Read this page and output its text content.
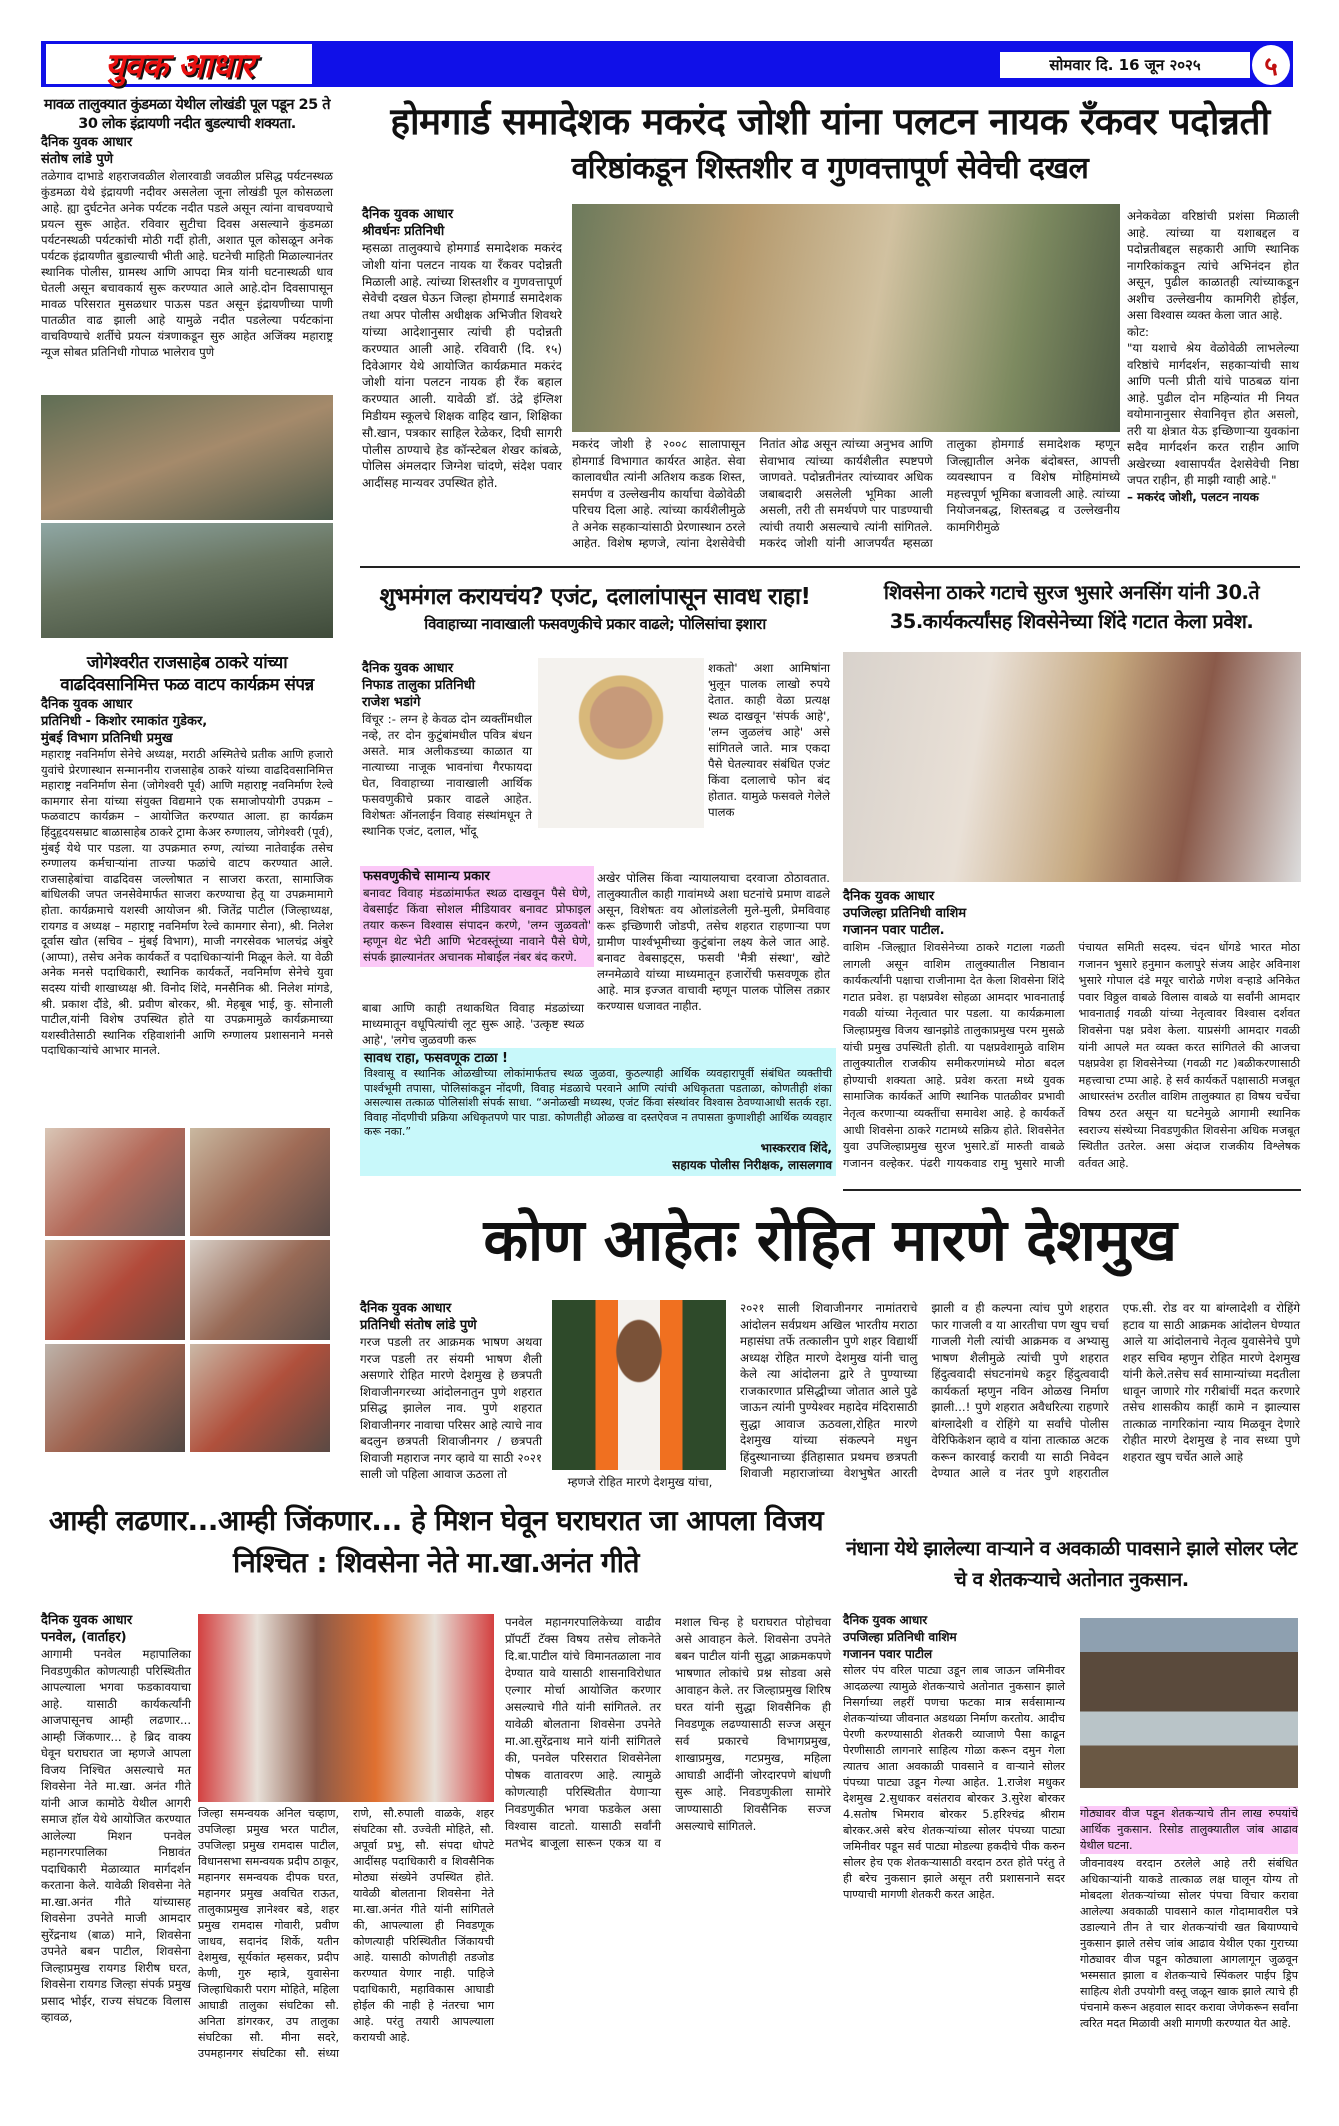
युवक आधार	सोमवार दि. 16 जून २०२५	५
मावळ तालुक्यात कुंडमळा येथील लोखंडी पूल पडून 25 ते 30 लोक इंद्रायणी नदीत बुडल्याची शक्यता.
दैनिक युवक आधार
संतोष लांडे पुणे
तळेगाव दाभाडे शहराजवळील शेलारवाडी जवळील प्रसिद्ध पर्यटनस्थळ कुंडमळा येथे इंद्रायणी नदीवर असलेला जूना लोखंडी पूल कोसळला आहे. ह्या दुर्घटनेत अनेक पर्यटक नदीत पडले असून त्यांना वाचवण्याचे प्रयत्न सुरू आहेत. रविवार सुटीचा दिवस असल्याने कुंडमळा पर्यटनस्थळी पर्यटकांची मोठी गर्दी होती, अशात पूल कोसळून अनेक पर्यटक इंद्रायणीत बुडाल्याची भीती आहे. घटनेची माहिती मिळाल्यानंतर स्थानिक पोलीस, ग्रामस्थ आणि आपदा मित्र यांनी घटनास्थळी धाव घेतली असून बचावकार्य सुरू करण्यात आले आहे.दोन दिवसापासून मावळ परिसरात मुसळधार पाऊस पडत असून इंद्रायणीच्या पाणी पातळीत वाढ झाली आहे यामुळे नदीत पडलेल्या पर्यटकांना वाचविण्याचे शर्तीचे प्रयत्न यंत्रणाकडून सुरु आहेत अजिंक्य महाराष्ट्र न्यूज सोबत प्रतिनिधी गोपाळ भालेराव पुणे
जोगेश्वरीत राजसाहेब ठाकरे यांच्या वाढदिवसानिमित्त फळ वाटप कार्यक्रम संपन्न
दैनिक युवक आधार
प्रतिनिधी - किशोर रमाकांत गुडेकर,
मुंबई विभाग प्रतिनिधी प्रमुख
महाराष्ट्र नवनिर्माण सेनेचे अध्यक्ष, मराठी अस्मितेचे प्रतीक आणि हजारो युवांचे प्रेरणास्थान सन्माननीय राजसाहेब ठाकरे यांच्या वाढदिवसानिमित्त महाराष्ट्र नवनिर्माण सेना (जोगेश्वरी पूर्व) आणि महाराष्ट्र नवनिर्माण रेल्वे कामगार सेना यांच्या संयुक्त विद्यमाने एक समाजोपयोगी उपक्रम – फळवाटप कार्यक्रम – आयोजित करण्यात आला. हा कार्यक्रम हिंदुहृदयसम्राट बाळासाहेब ठाकरे ट्रामा केअर रुग्णालय, जोगेश्वरी (पूर्व), मुंबई येथे पार पडला. या उपक्रमात रुग्ण, त्यांच्या नातेवाईक तसेच रुग्णालय कर्मचाऱ्यांना ताज्या फळांचे वाटप करण्यात आले. राजसाहेबांचा वाढदिवस जल्लोषात न साजरा करता, सामाजिक बांधिलकी जपत जनसेवेमार्फत साजरा करण्याचा हेतू या उपक्रमामागे होता. कार्यक्रमाचे यशस्वी आयोजन श्री. जितेंद्र पाटील (जिल्हाध्यक्ष, रायगड व अध्यक्ष – महाराष्ट्र नवनिर्माण रेल्वे कामगार सेना), श्री. निलेश दूर्वास खोत (सचिव – मुंबई विभाग), माजी नगरसेवक भालचंद्र अंबुरे (आप्पा), तसेच अनेक कार्यकर्ते व पदाधिकाऱ्यांनी मिळून केले. या वेळी अनेक मनसे पदाधिकारी, स्थानिक कार्यकर्ते, नवनिर्माण सेनेचे युवा सदस्य यांची शाखाध्यक्ष श्री. विनोद शिंदे, मनसैनिक श्री. निलेश मांगडे, श्री. प्रकाश दौंडे, श्री. प्रवीण बोरकर, श्री. मेहबूब भाई, कु. सोनाली पाटील,यांनी विशेष उपस्थित होते या उपक्रमामुळे कार्यक्रमाच्या यशस्वीतेसाठी स्थानिक रहिवाशांनी आणि रुग्णालय प्रशासनाने मनसे पदाधिकाऱ्यांचे आभार मानले.
होमगार्ड समादेशक मकरंद जोशी यांना पलटन नायक रँकवर पदोन्नती
वरिष्ठांकडून शिस्तशीर व गुणवत्तापूर्ण सेवेची दखल
दैनिक युवक आधार
श्रीवर्धनः प्रतिनिधी
म्हसळा तालुक्याचे होमगार्ड समादेशक मकरंद जोशी यांना पलटन नायक या रँकवर पदोन्नती मिळाली आहे. त्यांच्या शिस्तशीर व गुणवत्तापूर्ण सेवेची दखल घेऊन जिल्हा होमगार्ड समादेशक तथा अपर पोलीस अधीक्षक अभिजीत शिवथरे यांच्या आदेशानुसार त्यांची ही पदोन्नती करण्यात आली आहे. रविवारी (दि. १५) दिवेआगर येथे आयोजित कार्यक्रमात मकरंद जोशी यांना पलटन नायक ही रँक बहाल करण्यात आली. यावेळी डॉ. उंद्रे इंग्लिश मिडीयम स्कूलचे शिक्षक वाहिद खान, शिक्षिका सौ.खान, पत्रकार साहिल रेळेकर, दिघी सागरी पोलीस ठाण्याचे हेड कॉन्स्टेबल शेखर कांबळे, पोलिस अंमलदार जिग्नेश चांदणे, संदेश पवार आदींसह मान्यवर उपस्थित होते.
मकरंद जोशी हे २००८ सालापासून होमगार्ड विभागात कार्यरत आहेत. सेवा कालावधीत त्यांनी अतिशय कडक शिस्त, समर्पण व उल्लेखनीय कार्याचा वेळोवेळी परिचय दिला आहे. त्यांच्या कार्यशैलीमुळे ते अनेक सहकाऱ्यांसाठी प्रेरणास्थान ठरले आहेत. विशेष म्हणजे, त्यांना देशसेवेची नितांत ओढ असून त्यांच्या अनुभव आणि सेवाभाव त्यांच्या कार्यशैलीत स्पष्टपणे जाणवते. पदोन्नतीनंतर त्यांच्यावर अधिक जबाबदारी असलेली भूमिका आली असली, तरी ती समर्थपणे पार पाडण्याची त्यांची तयारी असल्याचे त्यांनी सांगितले. मकरंद जोशी यांनी आजपर्यंत म्हसळा तालुका होमगार्ड समादेशक म्हणून जिल्ह्यातील अनेक बंदोबस्त, आपत्ती व्यवस्थापन व विशेष मोहिमांमध्ये महत्त्वपूर्ण भूमिका बजावली आहे. त्यांच्या नियोजनबद्ध, शिस्तबद्ध व उल्लेखनीय कामगिरीमुळे
अनेकवेळा वरिष्ठांची प्रशंसा मिळाली आहे. त्यांच्या या यशाबद्दल व पदोन्नतीबद्दल सहकारी आणि स्थानिक नागरिकांकडून त्यांचे अभिनंदन होत असून, पुढील काळातही त्यांच्याकडून अशीच उल्लेखनीय कामगिरी होईल, असा विश्वास व्यक्त केला जात आहे.
कोट:
"या यशाचे श्रेय वेळोवेळी लाभलेल्या वरिष्ठांचे मार्गदर्शन, सहकाऱ्यांची साथ आणि पत्नी प्रीती यांचे पाठबळ यांना आहे. पुढील दोन महिन्यांत मी नियत वयोमानानुसार सेवानिवृत्त होत असलो, तरी या क्षेत्रात येऊ इच्छिणाऱ्या युवकांना सदैव मार्गदर्शन करत राहीन आणि अखेरच्या श्वासापर्यंत देशसेवेची निष्ठा जपत राहीन, ही माझी ग्वाही आहे."
– मकरंद जोशी, पलटन नायक
शुभमंगल करायचंय? एजंट, दलालांपासून सावध राहा!
विवाहाच्या नावाखाली फसवणुकीचे प्रकार वाढले; पोलिसांचा इशारा
दैनिक युवक आधार
निफाड तालुका प्रतिनिधी
राजेश भडांगे
विंचूर :- लग्न हे केवळ दोन व्यक्तींमधील नव्हे, तर दोन कुटुंबांमधील पवित्र बंधन असते. मात्र अलीकडच्या काळात या नात्याच्या नाजूक भावनांचा गैरफायदा घेत, विवाहाच्या नावाखाली आर्थिक फसवणुकीचे प्रकार वाढले आहेत. विशेषतः ऑनलाईन विवाह संस्थांमधून ते स्थानिक एजंट, दलाल, भोंदू
शकतो' अशा आमिषांना भुलून पालक लाखो रुपये देतात. काही वेळा प्रत्यक्ष स्थळ दाखवून 'संपर्क आहे', 'लग्न जुळलंच आहे' असे सांगितले जाते. मात्र एकदा पैसे घेतल्यावर संबंधित एजंट किंवा दलालाचे फोन बंद होतात. यामुळे फसवले गेलेले पालक
फसवणुकीचे सामान्य प्रकार
बनावट विवाह मंडळांमार्फत स्थळ दाखवून पैसे घेणे, वेबसाईट किंवा सोशल मीडियावर बनावट प्रोफाइल तयार करून विश्वास संपादन करणे, 'लग्न जुळवतो' म्हणून थेट भेटी आणि भेटवस्तूंच्या नावाने पैसे घेणे, संपर्क झाल्यानंतर अचानक मोबाईल नंबर बंद करणे.
बाबा आणि काही तथाकथित विवाह मंडळांच्या माध्यमातून वधूपित्यांची लूट सुरू आहे. 'उत्कृष्ट स्थळ आहे', 'लगेच जुळवणी करू
अखेर पोलिस किंवा न्यायालयाचा दरवाजा ठोठावतात. तालुक्यातील काही गावांमध्ये अशा घटनांचे प्रमाण वाढले असून, विशेषतः वय ओलांडलेली मुले-मुली, प्रेमविवाह करू इच्छिणारी जोडपी, तसेच शहरात राहणाऱ्या पण ग्रामीण पार्श्वभूमीच्या कुटुंबांना लक्ष्य केले जात आहे. बनावट वेबसाइट्स, फसवी 'मैत्री संस्था', खोटे लग्नमेळावे यांच्या माध्यमातून हजारोंची फसवणूक होत आहे. मात्र इज्जत वाचावी म्हणून पालक पोलिस तक्रार करण्यास धजावत नाहीत.
सावध राहा, फसवणूक टाळा !
विश्वासू व स्थानिक ओळखीच्या लोकांमार्फतच स्थळ जुळवा, कुठल्याही आर्थिक व्यवहारापूर्वी संबंधित व्यक्तीची पार्श्वभूमी तपासा, पोलिसांकडून नोंदणी, विवाह मंडळाचे परवाने आणि त्यांची अधिकृतता पडताळा, कोणतीही शंका असल्यास तत्काळ पोलिसांशी संपर्क साधा. “अनोळखी मध्यस्थ, एजंट किंवा संस्थांवर विश्वास ठेवण्याआधी सतर्क रहा. विवाह नोंदणीची प्रक्रिया अधिकृतपणे पार पाडा. कोणतीही ओळख वा दस्तऐवज न तपासता कुणाशीही आर्थिक व्यवहार करू नका.”
भास्करराव शिंदे,
सहायक पोलीस निरीक्षक, लासलगाव
शिवसेना ठाकरे गटाचे सुरज भुसारे अनसिंग यांनी 30.ते 35.कार्यकर्त्यांसह शिवसेनेच्या शिंदे गटात केला प्रवेश.
दैनिक युवक आधार
उपजिल्हा प्रतिनिधी वाशिम
गजानन पवार पाटील.
वाशिम -जिल्ह्यात शिवसेनेच्या ठाकरे गटाला गळती लागली असून वाशिम तालुक्यातील निष्ठावान कार्यकर्त्यांनी पक्षाचा राजीनामा देत केला शिवसेना शिंदे गटात प्रवेश. हा पक्षप्रवेश सोहळा आमदार भावनाताई गवळी यांच्या नेतृत्वात पार पडला. या कार्यक्रमाला जिल्हाप्रमुख विजय खानझोडे तालुकाप्रमुख परम मुसळे यांची प्रमुख उपस्थिती होती. या पक्षप्रवेशामुळे वाशिम तालुक्यातील राजकीय समीकरणांमध्ये मोठा बदल होण्याची शक्यता आहे. प्रवेश करता मध्ये युवक सामाजिक कार्यकर्ते आणि स्थानिक पातळीवर प्रभावी नेतृत्व करणाऱ्या व्यक्तींचा समावेश आहे. हे कार्यकर्ते आधी शिवसेना ठाकरे गटामध्ये सक्रिय होते. शिवसेनेत युवा उपजिल्हाप्रमुख सुरज भुसारे.डॉ मारुती वाबळे गजानन वल्हेकर. पंढरी गायकवाड रामु भुसारे माजी पंचायत समिती सदस्य. चंदन धोंगडे भारत मोठा गजानन भुसारे हनुमान कलापुरे संजय आहेर अविनाश भुसारे गोपाल दंडे मयूर चारोळे गणेश वऱ्हाडे अनिकेत पवार विठ्ठल वाबळे विलास वाबळे या सर्वांनी आमदार भावनाताई गवळी यांच्या नेतृत्वावर विश्वास दर्शवत शिवसेना पक्ष प्रवेश केला. याप्रसंगी आमदार गवळी यांनी आपले मत व्यक्त करत सांगितले की आजचा पक्षप्रवेश हा शिवसेनेच्या (गवळी गट )बळीकरणासाठी महत्त्वाचा टप्पा आहे. हे सर्व कार्यकर्ते पक्षासाठी मजबूत आधारस्तंभ ठरतील वाशिम तालुक्यात हा विषय चर्चेचा विषय ठरत असून या घटनेमुळे आगामी स्थानिक स्वराज्य संस्थेच्या निवडणुकीत शिवसेना अधिक मजबूत स्थितीत उतरेल. असा अंदाज राजकीय विश्लेषक वर्तवत आहे.
कोण आहेतः रोहित मारणे देशमुख
दैनिक युवक आधार
प्रतिनिधी संतोष लांडे पुणे
गरज पडली तर आक्रमक भाषण अथवा गरज पडली तर संयमी भाषण शैली असणारे रोहित मारणे देशमुख हे छत्रपती शिवाजीनगरच्या आंदोलनातुन पुणे शहरात प्रसिद्ध झालेल नाव. पुणे शहरात शिवाजीनगर नावाचा परिसर आहे त्याचे नाव बदलुन छत्रपती शिवाजीनगर / छत्रपती शिवाजी महाराज नगर व्हावे या साठी २०२१ साली जो पहिला आवाज ऊठला तो
म्हणजे रोहित मारणे देशमुख यांचा,
२०२१ साली शिवाजीनगर नामांतराचे आंदोलन सर्वप्रथम अखिल भारतीय मराठा महासंघा तर्फे तत्कालीन पुणे शहर विद्यार्थी अध्यक्ष रोहित मारणे देशमुख यांनी चालु केले त्या आंदोलना द्वारे ते पुण्याच्या राजकारणात प्रसिद्धीच्या जोतात आले पुढे जाऊन त्यांनी पुण्येश्वर महादेव मंदिरासाठी सुद्धा आवाज ऊठवला,रोहित मारणे देशमुख यांच्या संकल्पने मधुन हिंदुस्थानाच्या ईतिहासात प्रथमच छत्रपती शिवाजी महाराजांच्या वेशभुषेत आरती झाली व ही कल्पना त्यांच पुणे शहरात फार गाजली व या आरतीचा पण खुप चर्चा गाजली गेली त्यांची आक्रमक व अभ्यासु भाषण शैलीमुळे त्यांची पुणे शहरात हिंदुत्ववादी संघटनांमधे कट्टर हिंदुत्ववादी कार्यकर्ता म्हणुन नविन ओळख निर्माण झाली...! पुणे शहरात अवैधरित्या राहणारे बांग्लादेशी व रोहिंगे या सर्वांचे पोलीस वेरिफिकेशन व्हावे व यांना तात्काळ अटक करून कारवाई करावी या साठी निवेदन देण्यात आले व नंतर पुणे शहरातील एफ.सी. रोड वर या बांग्लादेशी व रोहिंगे हटाव या साठी आक्रमक आंदोलन घेण्यात आले या आंदोलनाचे नेतृत्व युवासेनेचे पुणे शहर सचिव म्हणुन रोहित मारणे देशमुख यांनी केले.तसेच सर्व सामान्यांच्या मदतीला धावून जाणारे गोर गरीबांचीं मदत करणारे तसेच शासकीय काहीं कामे न झाल्यास तात्काळ नागरिकांना न्याय मिळवून देणारे रोहीत मारणे देशमुख हे नाव सध्या पुणे शहरात खुप चर्चेत आले आहे
आम्ही लढणार...आम्ही जिंकणार... हे मिशन घेवून घराघरात जा आपला विजय निश्चित : शिवसेना नेते मा.खा.अनंत गीते
दैनिक युवक आधार
पनवेल, (वार्ताहर)
आगामी पनवेल महापालिका निवडणुकीत कोणत्याही परिस्थितीत आपल्याला भगवा फडकावयाचा आहे. यासाठी कार्यकर्त्यांनी आजपासूनच आम्ही लढणार... आम्ही जिंकणार... हे ब्रिद वाक्य घेवून घराघरात जा म्हणजे आपला विजय निश्चित असल्याचे मत शिवसेना नेते मा.खा. अनंत गीते यांनी आज कामोठे येथील आगरी समाज हॉल येथे आयोजित करण्यात आलेल्या मिशन पनवेल महानगरपालिका निष्ठावंत पदाधिकारी मेळाव्यात मार्गदर्शन करताना केले. यावेळी शिवसेना नेते मा.खा.अनंत गीते यांच्यासह शिवसेना उपनेते माजी आमदार सुरेंद्रनाथ (बाळ) माने, शिवसेना उपनेते बबन पाटील, शिवसेना जिल्हाप्रमुख रायगड शिरीष घरत, शिवसेना रायगड जिल्हा संपर्क प्रमुख प्रसाद भोईर, राज्य संघटक विलास व्हावळ,
जिल्हा समन्वयक अनिल चव्हाण, उपजिल्हा प्रमुख भरत पाटील, उपजिल्हा प्रमुख रामदास पाटील, विधानसभा समन्वयक प्रदीप ठाकूर, महानगर समन्वयक दीपक घरत, महानगर प्रमुख अवचित राऊत, तालुकाप्रमुख ज्ञानेश्वर बडे, शहर प्रमुख रामदास गोवारी, प्रवीण जाधव, सदानंद शिर्के, यतीन देशमुख, सूर्यकांत म्हसकर, प्रदीप केणी, गुरु म्हात्रे, युवासेना जिल्हाधिकारी पराग मोहिते, महिला आघाडी तालुका संघटिका सौ. अनिता डांगरकर, उप तालुका संघटिका सौ. मीना सदरे, उपमहानगर संघटिका सौ. संध्या राणे, सौ.रुपाली वाळके, शहर संघटिका सौ. उज्वेती मोहिते, सौ. अपूर्वा प्रभु, सौ. संपदा धोपटे आदींसह पदाधिकारी व शिवसैनिक मोठ्या संख्येने उपस्थित होते. यावेळी बोलताना शिवसेना नेते मा.खा.अनंत गीते यांनी सांगितले की, आपल्याला ही निवडणूक कोणत्याही परिस्थितीत जिंकायची आहे. यासाठी कोणतीही तडजोड करण्यात येणार नाही. पाहिजे पदाधिकारी, महाविकास आघाडी होईल की नाही हे नंतरचा भाग आहे. परंतु तयारी आपल्याला करायची आहे.
पनवेल महानगरपालिकेच्या वाढीव प्रॉपर्टी टॅक्स विषय तसेच लोकनेते दि.बा.पाटील यांचे विमानतळाला नाव देण्यात यावे यासाठी शासनाविरोधात एल्गार मोर्चा आयोजित करणार असल्याचे गीते यांनी सांगितले. तर यावेळी बोलताना शिवसेना उपनेते मा.आ.सुरेंद्रनाथ माने यांनी सांगितले की, पनवेल परिसरात शिवसेनेला पोषक वातावरण आहे. त्यामुळे कोणत्याही परिस्थितीत येणाऱ्या निवडणुकीत भगवा फडकेल असा विश्वास वाटतो. यासाठी सर्वांनी मतभेद बाजूला सारून एकत्र या व मशाल चिन्ह हे घराघरात पोहोचवा असे आवाहन केले. शिवसेना उपनेते बबन पाटील यांनी सुद्धा आक्रमकपणे भाषणात लोकांचे प्रश्न सोडवा असे आवाहन केले. तर जिल्हाप्रमुख शिरिष घरत यांनी सुद्धा शिवसैनिक ही निवडणूक लढण्यासाठी सज्ज असून सर्व प्रकारचे विभागप्रमुख, शाखाप्रमुख, गटप्रमुख, महिला आघाडी आदींनी जोरदारपणे बांधणी सुरू आहे. निवडणुकीला सामोरे जाण्यासाठी शिवसैनिक सज्ज असल्याचे सांगितले.
नंधाना येथे झालेल्या वाऱ्याने व अवकाळी पावसाने झाले सोलर प्लेट चे व शेतकऱ्याचे अतोनात नुकसान.
दैनिक युवक आधार
उपजिल्हा प्रतिनिधी वाशिम
गजानन पवार पाटील
सोलर पंप वरिल पाट्या उडून लाब जाऊन जमिनीवर आदळल्या त्यामुळे शेतकऱ्याचे अतोनात नुकसान झाले निसर्गाच्या लहरीं पणचा फटका मात्र सर्वसामान्य शेतकऱ्यांच्या जीवनात अडथळा निर्माण करतोय. आदीच पेरणी करण्यासाठी शेतकरी व्याजाणे पैसा काढून पेरणीसाठी लागनारे साहित्य गोळा करून दमुन गेला त्यातच आता अवकाळी पावसाने व वाऱ्याने सोलर पंपच्या पाट्या उडून गेल्या आहेत. 1.राजेश मधुकर देशमुख 2.सुधाकर वसंतराव बोरकर 3.सुरेश बोरकर 4.सतोष भिमराव बोरकर 5.हरिश्चंद्र श्रीराम बोरकर.असे बरेच शेतकऱ्यांच्या सोलर पंपच्या पाट्या जमिनीवर पडून सर्व पाट्या मोडल्या हकदीचे पीक करुन सोलर हेच एक शेतकऱ्यासाठी वरदान ठरत होते परंतु ते ही बरेच नुकसान झाले असून तरी प्रशासनाने सदर पाण्याची मागणी शेतकरी करत आहेत.
गोठ्यावर वीज पडून शेतकऱ्याचे तीन लाख रुपयांचे आर्थिक नुकसान. रिसोड तालुक्यातील जांब आढाव येथील घटना.
जीवनावश्य वरदान ठरलेले आहे तरी संबंधित अधिकाऱ्यांनी याकडे तात्काळ लक्ष घालून योग्य तो मोबदला शेतकऱ्यांच्या सोलर पंपचा विचार करावा आलेल्या अवकाळी पावसाने काल गोदामावरील पत्रे उडाल्याने तीन ते चार शेतकऱ्यांची खत बियाण्याचे नुकसान झाले तसेच जांब आढाव येथील एका गुराच्या गोठ्यावर वीज पडून कोठ्याला आगलागून जुळवून भस्मसात झाला व शेतकऱ्याचे स्पिंकलर पाईप ड्रिप साहित्य शेती उपयोगी वस्तू जळून खाक झाले त्याचे ही पंचनामे करून अहवाल सादर करावा जेणेकरून सर्वांना त्वरित मदत मिळावी अशी मागणी करण्यात येत आहे.
